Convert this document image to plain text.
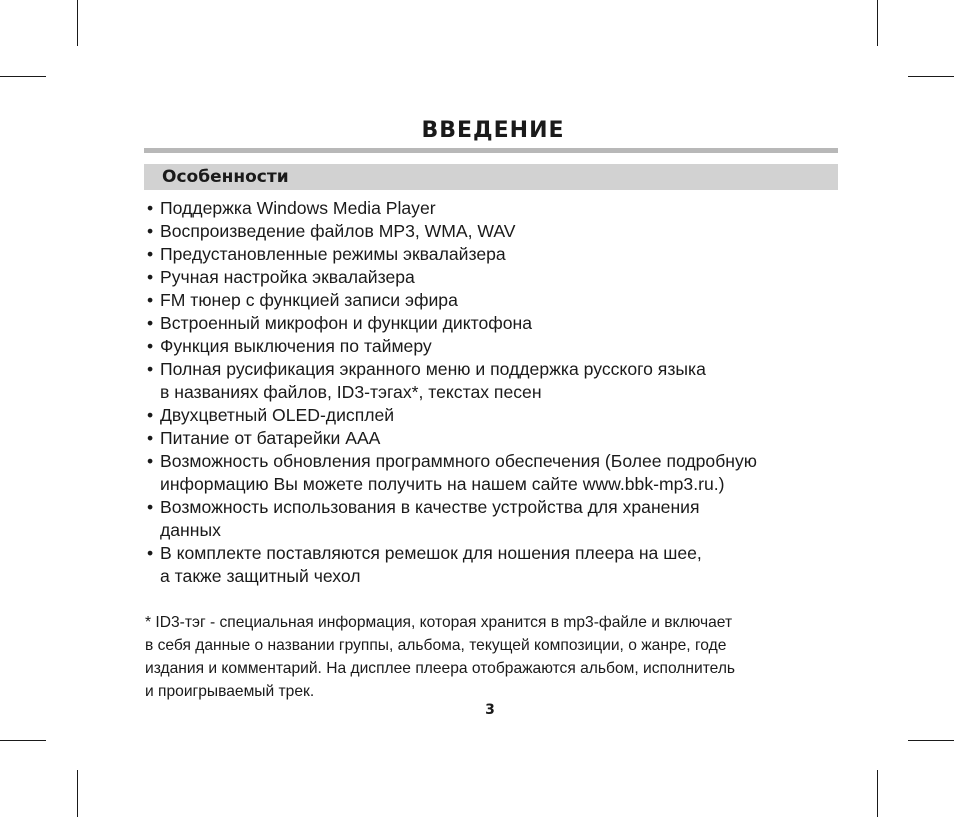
ВВЕДЕНИЕ
Особенности
• Поддержка Windows Media Player
• Воспроизведение файлов MP3, WMA, WAV
• Предустановленные режимы эквалайзера
• Ручная настройка эквалайзера
• FM тюнер с функцией записи эфира
• Встроенный микрофон и функции диктофона
• Функция выключения по таймеру
• Полная русификация экранного меню и поддержка русского языка
в названиях файлов, ID3-тэгах*, текстах песен
• Двухцветный OLED-дисплей
• Питание от батарейки AAA
• Возможность обновления программного обеспечения (Более подробную
информацию Вы можете получить на нашем сайте www.bbk-mp3.ru.)
• Возможность использования в качестве устройства для хранения
данных
• В комплекте поставляются ремешок для ношения плеера на шее,
а также защитный чехол

* ID3-тэг - специальная информация, которая хранится в mp3-файле и включает
в себя данные о названии группы, альбома, текущей композиции, о жанре, годе
издания и комментарий. На дисплее плеера отображаются альбом, исполнитель
и проигрываемый трек.

3
